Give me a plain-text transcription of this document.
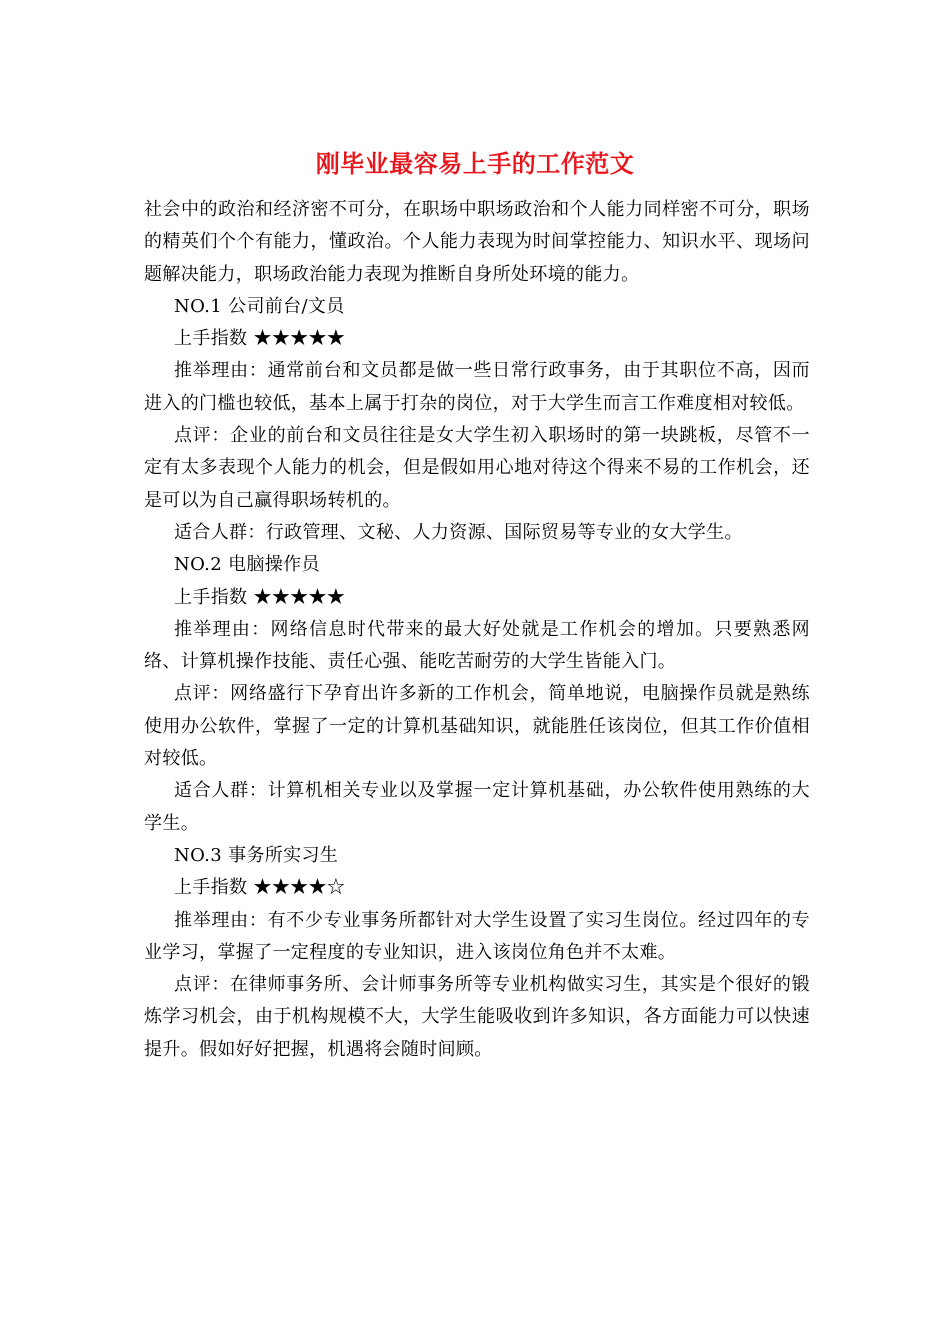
刚毕业最容易上手的工作范文

社会中的政治和经济密不可分，在职场中职场政治和个人能力同样密不可分，职场的精英们个个有能力，懂政治。个人能力表现为时间掌控能力、知识水平、现场问题解决能力，职场政治能力表现为推断自身所处环境的能力。

NO.1 公司前台/文员

上手指数 ★★★★★

推举理由：通常前台和文员都是做一些日常行政事务，由于其职位不高，因而进入的门槛也较低，基本上属于打杂的岗位，对于大学生而言工作难度相对较低。

点评：企业的前台和文员往往是女大学生初入职场时的第一块跳板，尽管不一定有太多表现个人能力的机会，但是假如用心地对待这个得来不易的工作机会，还是可以为自己赢得职场转机的。

适合人群：行政管理、文秘、人力资源、国际贸易等专业的女大学生。

NO.2 电脑操作员

上手指数 ★★★★★

推举理由：网络信息时代带来的最大好处就是工作机会的增加。只要熟悉网络、计算机操作技能、责任心强、能吃苦耐劳的大学生皆能入门。

点评：网络盛行下孕育出许多新的工作机会，简单地说，电脑操作员就是熟练使用办公软件，掌握了一定的计算机基础知识，就能胜任该岗位，但其工作价值相对较低。

适合人群：计算机相关专业以及掌握一定计算机基础，办公软件使用熟练的大学生。

NO.3 事务所实习生

上手指数 ★★★★☆

推举理由：有不少专业事务所都针对大学生设置了实习生岗位。经过四年的专业学习，掌握了一定程度的专业知识，进入该岗位角色并不太难。

点评：在律师事务所、会计师事务所等专业机构做实习生，其实是个很好的锻炼学习机会，由于机构规模不大，大学生能吸收到许多知识，各方面能力可以快速提升。假如好好把握，机遇将会随时间顾。
